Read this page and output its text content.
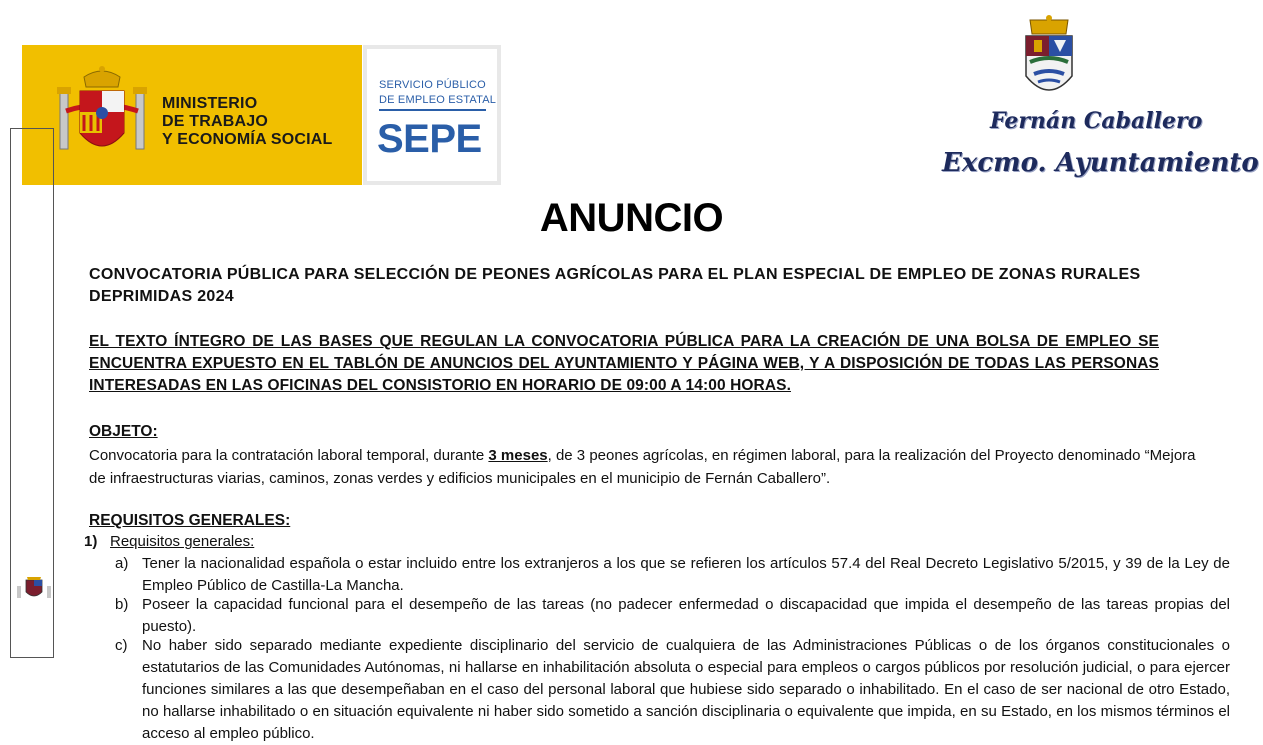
MINISTERIO
DE TRABAJO
Y ECONOMÍA SOCIAL
SERVICIO PÚBLICO
DE EMPLEO ESTATAL
SEPE	Fernán Caballero
Excmo. Ayuntamiento
ANUNCIO
CONVOCATORIA PÚBLICA PARA SELECCIÓN DE PEONES AGRÍCOLAS PARA EL PLAN ESPECIAL DE EMPLEO DE ZONAS RURALES DEPRIMIDAS 2024
EL TEXTO ÍNTEGRO DE LAS BASES QUE REGULAN LA CONVOCATORIA PÚBLICA PARA LA CREACIÓN DE UNA BOLSA DE EMPLEO SE ENCUENTRA EXPUESTO EN EL TABLÓN DE ANUNCIOS DEL AYUNTAMIENTO Y PÁGINA WEB, Y A DISPOSICIÓN DE TODAS LAS PERSONAS INTERESADAS EN LAS OFICINAS DEL CONSISTORIO EN HORARIO DE 09:00 A 14:00 HORAS.
OBJETO:
Convocatoria para la contratación laboral temporal, durante 3 meses, de 3 peones agrícolas, en régimen laboral, para la realización del Proyecto denominado “Mejora de infraestructuras viarias, caminos, zonas verdes y edificios municipales en el municipio de Fernán Caballero”.
REQUISITOS GENERALES:
1) Requisitos generales:
a) Tener la nacionalidad española o estar incluido entre los extranjeros a los que se refieren los artículos 57.4 del Real Decreto Legislativo 5/2015, y 39 de la Ley de Empleo Público de Castilla-La Mancha.
b) Poseer la capacidad funcional para el desempeño de las tareas (no padecer enfermedad o discapacidad que impida el desempeño de las tareas propias del puesto).
c) No haber sido separado mediante expediente disciplinario del servicio de cualquiera de las Administraciones Públicas o de los órganos constitucionales o estatutarios de las Comunidades Autónomas, ni hallarse en inhabilitación absoluta o especial para empleos o cargos públicos por resolución judicial, o para ejercer funciones similares a las que desempeñaban en el caso del personal laboral que hubiese sido separado o inhabilitado. En el caso de ser nacional de otro Estado, no hallarse inhabilitado o en situación equivalente ni haber sido sometido a sanción disciplinaria o equivalente que impida, en su Estado, en los mismos términos el acceso al empleo público.
